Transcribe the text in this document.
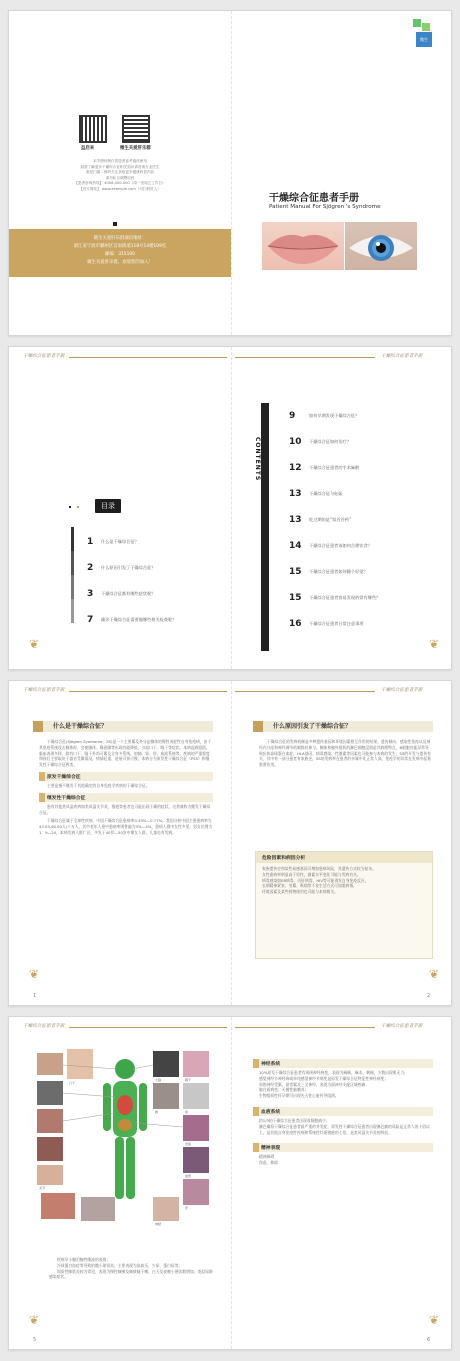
益启来	微生关爱肝乐群
本手册体例仅供患者参考阅读使用
如需了解更多干燥综合征相关知识请咨询专业医生
欢迎扫描二维码关注获取更多健康科普内容
请勿私自调整用药
【患者咨询热线】 4008-000-000（周一至周五工作日）
【官方网站】 www.example.com（可扫码进入）

微生关爱肝乐群通信地址：
浙江省宁波市鄞州区首南街道118号14楼109室
邮编：315100
微生关爱肝乐群，欢迎您的加入！
微生
干燥综合征患者手册
Patient Manual For Sjögren 's Syndrome
干燥综合征患者手册	干燥综合征患者手册

目录
1	什么是干燥综合征？
2	什么原因引发了干燥综合征？
3	干燥综合征都有哪些症状呢？
7	确诊干燥综合征需要做哪些相关检查呢？
❦
CONTENTS
9	如何早期发现干燥综合征？
10	干燥综合征如何治疗？
12	干燥综合征患者的手术麻醉
13	干燥综合征与妊娠
13	吃过期的是“误吞吞药”
14	干燥综合征患者该如何合理饮食？
15	干燥综合征患者如何睡个好觉？
15	干燥综合征患者容易发现的常有哪些？
16	干燥综合征患者日常注意事项
❦
干燥综合征患者手册	干燥综合征患者手册
什么是干燥综合征？

干燥综合征(Sjögren Syndrome，SS)是一个主要累及外分泌腺体的慢性炎症性自身免疫病，由于其免疫系统攻击腺体时，会使腺体、唾液腺等出现功能降低，引起口干、眼干等症状。本病起病隐匿，临床表现多样，除有口干、眼干外尚可累及全身多系统，如肺、肾、肝、血液系统等，疾病的严重程度和预后主要取决于器官受累情况，病情轻重、进展可快可慢。本病分为原发性干燥综合征（PSS）和继发性干燥综合征两类。

原发干燥综合征

主要是指不继发于其他确定的自身免疫学疾病的干燥综合征。

继发性干燥综合征

患有其他类风湿疾病如类风湿关节炎，狼疮等患者也可能出现干燥的症状，这类被称为继发干燥综合征。

干燥综合征属于全球性疾病，中国干燥综合征患病率0.33%—0.77%，我国分析中国主要患病率为43.03-60.82人/十万人，其中老年人患中患病率则普遍为3%—4%，患病人群中女性多见，男女比例为1：9—20，本病发病人群广泛，多发于40岁—50岁中期女人群，儿童也有发病。

❦
1
什么原因引发了干燥综合征？

干燥综合征的发病机制是多种遗传基因和环境因素相互作用的结果。遗传倾向、感染性免疫以及神经内分泌和神经调节机制都有参与。腺体和腺外组织的淋巴细胞浸润是其病理特点，B细胞功能异常导致抗体高球蛋白血症，HLA基因、病毒感染、性激素等因素也可能参与本病的发生。SS的开发与遗传有关，其中有一部分患者有家族史，SS的发病率在患者的亲属中比正常人高，免疫学的异常在发病中起着重要作用。

危险因素和病因分析
家族遗传史和某些易感基因可增加患病风险，其遗传方式较为复杂。
女性患病率明显高于男性，激素水平变化可能与发病有关。
病毒感染如EB病毒、丙肝病毒、HIV等可能诱发自身免疫反应。
长期精神紧张、劳累、吸烟等不良生活方式可加重病情。
环境因素及某些药物使用也可能与本病相关。
❦
2
干燥综合征患者手册	干燥综合征患者手册
大脑
口干
眼干
肺	肾
关节
皮肤
血管
肝
神经

疾病早小腺泪腺性唾液的表现；

冷球蛋白血症等导致的微小球肾炎，主要表现为高血压，少尿，蛋白尿等；

间质性肺肌炎较为常见，表现为慢性咳嗽及咳痰咳干嗽，白天及夜晚小便次数增加，类似尿路感染症状。

❦
5
神经系统
10%原发干燥综合征患者有周围神经病变，表现为麻痛，麻木，刺痛，少数出现肌无力;
感觉神经节神经病或单纯感觉神经节病变是原发干燥综合征特征性神经病变；
周围神经受累，最常累及三叉神经，表现为面神经支配区域疼痛；
脑白质病变；无菌性脑膜炎；
生物组织性怀孕期可出现先天性心脏传导阻滞。
血液系统
约1/3的干燥综合征患者出现血细胞减少；
淋巴瘤原干燥综合征患者最严重的并发症，原发性干燥综合征患者出现淋巴瘤的风险是正常人的十倍以上，是其他自身免疫性疾病和系统性红斑狼疮的七倍，是类风湿关节炎的四倍。
精神表现
精神障碍
焦虑、抑郁
❦
6
